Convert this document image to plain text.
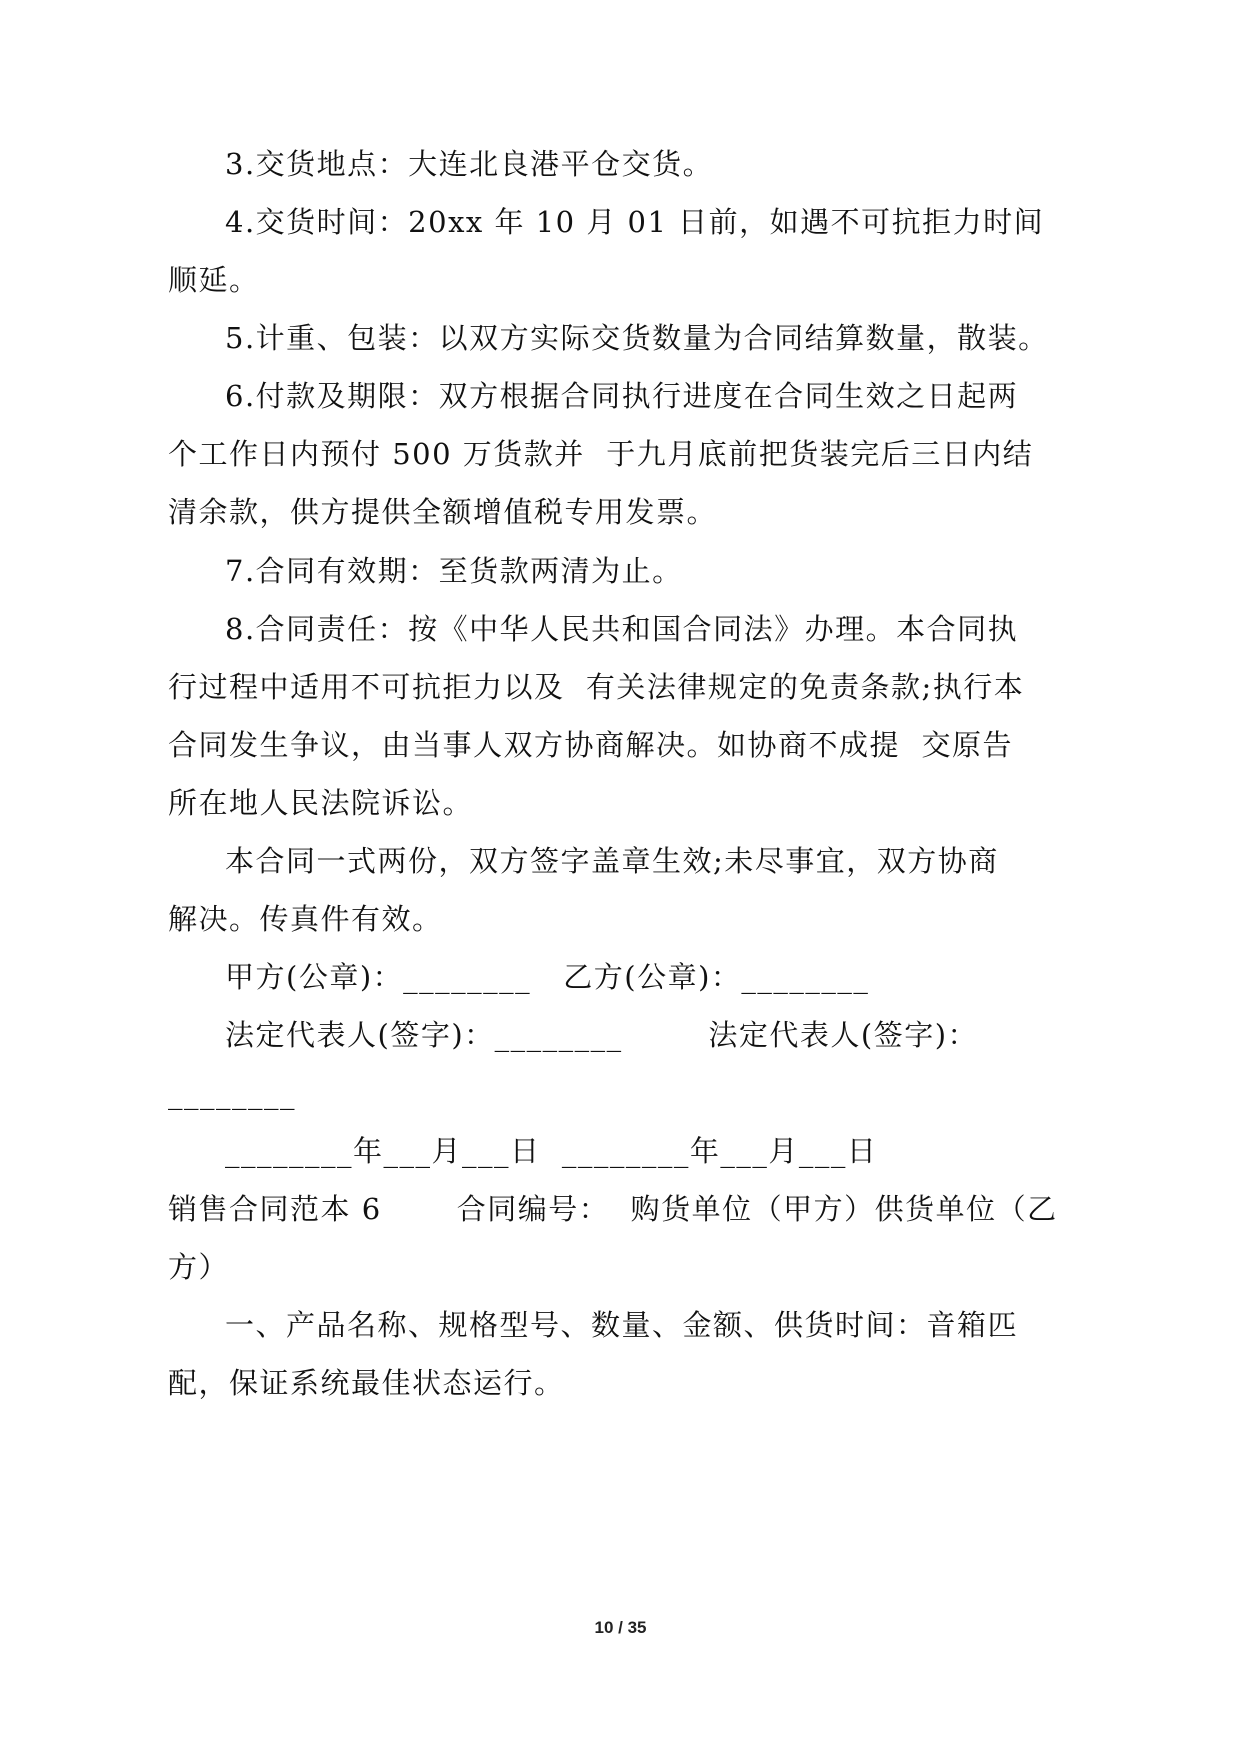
3.交货地点：大连北良港平仓交货。
4.交货时间：20xx 年 10 月 01 日前，如遇不可抗拒力时间
顺延。
5.计重、包装：以双方实际交货数量为合同结算数量，散装。
6.付款及期限：双方根据合同执行进度在合同生效之日起两
个工作日内预付 500 万货款并  于九月底前把货装完后三日内结
清余款，供方提供全额增值税专用发票。
7.合同有效期：至货款两清为止。
8.合同责任：按《中华人民共和国合同法》办理。本合同执
行过程中适用不可抗拒力以及  有关法律规定的免责条款;执行本
合同发生争议，由当事人双方协商解决。如协商不成提  交原告
所在地人民法院诉讼。
本合同一式两份，双方签字盖章生效;未尽事宜，双方协商
解决。传真件有效。
甲方(公章)：________   乙方(公章)：________
法定代表人(签字)：________        法定代表人(签字)：
________
________年___月___日  ________年___月___日
销售合同范本 6       合同编号：  购货单位（甲方）供货单位（乙
方）
一、产品名称、规格型号、数量、金额、供货时间：音箱匹
配，保证系统最佳状态运行。
10 / 35
